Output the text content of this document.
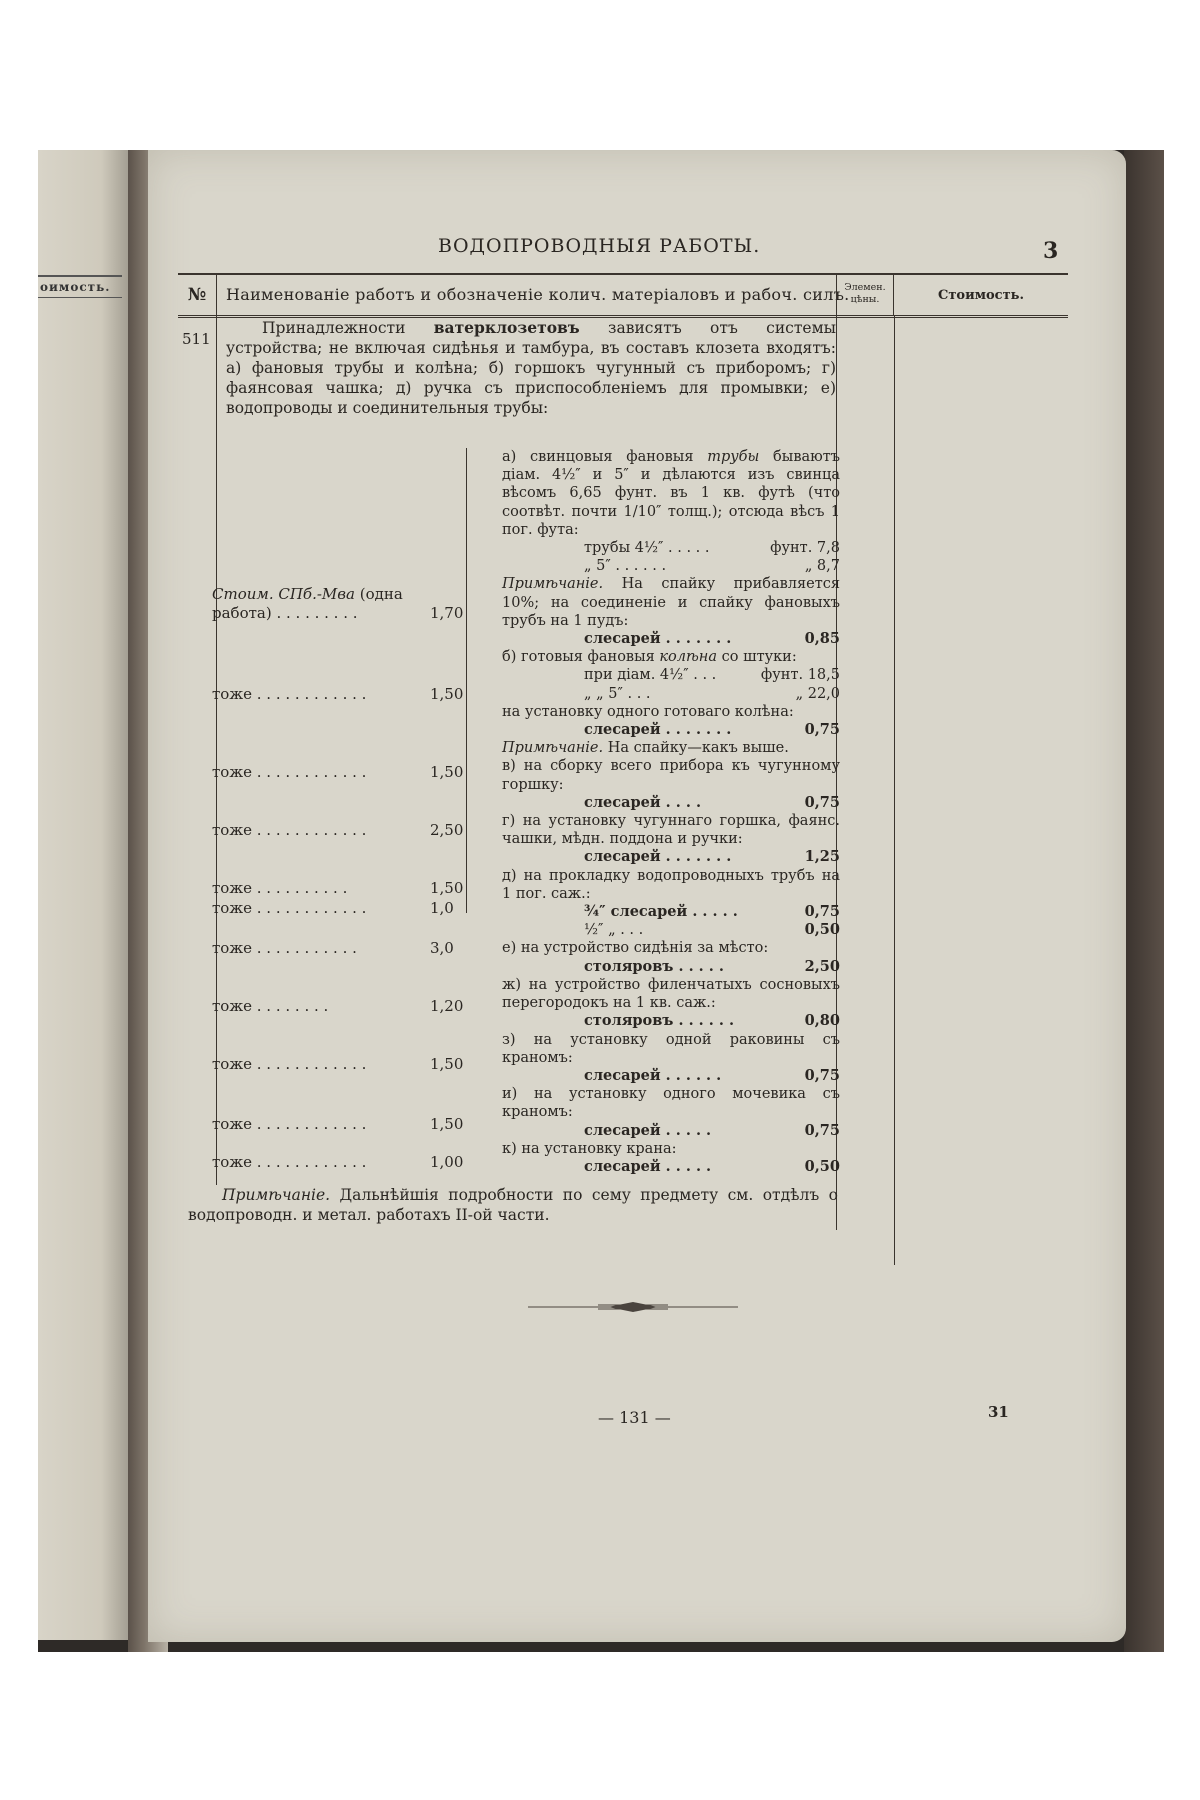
оимость.
ВОДОПРОВОДНЫЯ РАБОТЫ.	3
№	Наименованіе работъ и обозначеніе колич. матеріаловъ и рабоч. силъ.
Элемен. цѣны.	Стоимость.
511
Принадлежности ватерклозетовъ зависятъ отъ системы устройства; не включая сидѣнья и тамбура, въ составъ клозета входятъ: а) фановыя трубы и колѣна; б) горшокъ чугунный съ приборомъ; г) фаянсовая чашка; д) ручка съ приспособленіемъ для промывки; е) водопроводы и соединительныя трубы:
Стоим. СПб.-Мва (одна работа) . . . . . . . . .	1,70
тоже . . . . . . . . . . . .	1,50
тоже . . . . . . . . . . . .	1,50
тоже . . . . . . . . . . . .	2,50
тоже . . . . . . . . . .	1,50
тоже . . . . . . . . . . . .	1,0
тоже . . . . . . . . . . .	3,0
тоже . . . . . . . .	1,20
тоже . . . . . . . . . . . .	1,50
тоже . . . . . . . . . . . .	1,50
тоже . . . . . . . . . . . .	1,00
а) свинцовыя фановыя трубы бываютъ діам. 4½″ и 5″ и дѣлаются изъ свинца вѣсомъ 6,65 фунт. въ 1 кв. футѣ (что соотвѣт. почти 1/10″ толщ.); отсюда вѣсъ 1 пог. фута:
трубы 4½″ . . . . .	фунт. 7,8
„ 5″ . . . . . .	„ 8,7
Примѣчаніе. На спайку прибавляется 10%; на соединеніе и спайку фановыхъ трубъ на 1 пудъ:
слесарей . . . . . . .	0,85
б) готовыя фановыя колѣна со штуки:
при діам. 4½″ . . .	фунт. 18,5
„ „ 5″ . . .	„ 22,0
на установку одного готоваго колѣна:
слесарей . . . . . . .	0,75
Примѣчаніе. На спайку—какъ выше.
в) на сборку всего прибора къ чугунному горшку:
слесарей . . . .	0,75
г) на установку чугуннаго горшка, фаянс. чашки, мѣдн. поддона и ручки:
слесарей . . . . . . .	1,25
д) на прокладку водопроводныхъ трубъ на 1 пог. саж.:
¾″ слесарей . . . . .	0,75
½″ „ . . .	0,50
е) на устройство сидѣнія за мѣсто:
столяровъ . . . . .	2,50
ж) на устройство филенчатыхъ сосновыхъ перегородокъ на 1 кв. саж.:
столяровъ . . . . . .	0,80
з) на установку одной раковины съ краномъ:
слесарей . . . . . .	0,75
и) на установку одного мочевика съ краномъ:
слесарей . . . . .	0,75
к) на установку крана:
слесарей . . . . .	0,50
Примѣчаніе. Дальнѣйшія подробности по сему предмету см. отдѣлъ о водопроводн. и метал. работахъ II-ой части.
— 131 —	31
